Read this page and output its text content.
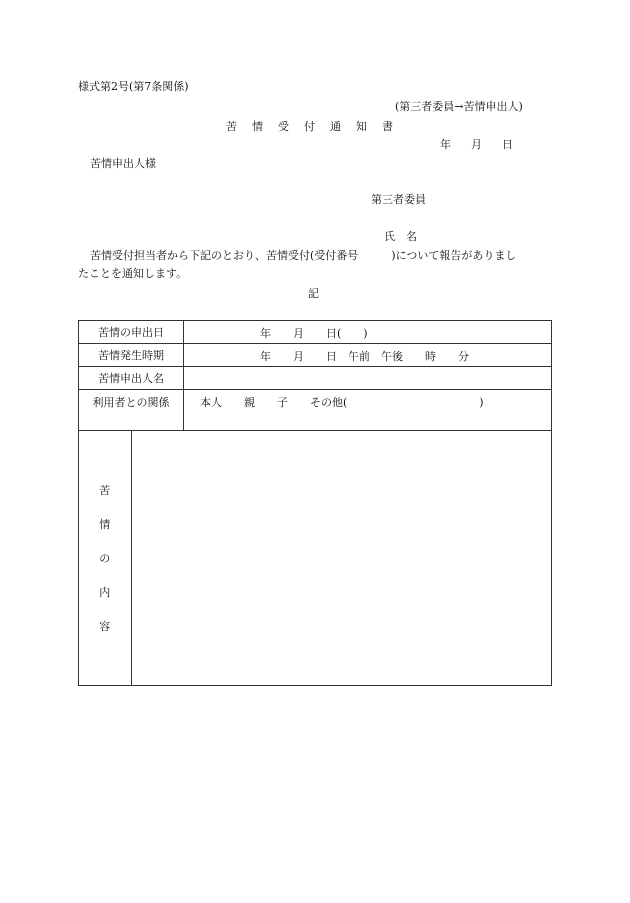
様式第2号(第7条関係)
(第三者委員→苦情申出人)
苦 情 受 付 通 知 書
年 月 日
苦情申出人様
第三者委員
氏　名
苦情受付担当者から下記のとおり、苦情受付(受付番号　　　)について報告がありまし
たことを通知します。
記
苦情の申出日		年　　月　　日(　　)

苦情発生時期		年　　月　　日　午前　午後　　時　　分

苦情申出人名		

利用者との関係		本人　　親　　子　　その他(　　　　　　　　　　　　)

苦
情
の
内
容		
